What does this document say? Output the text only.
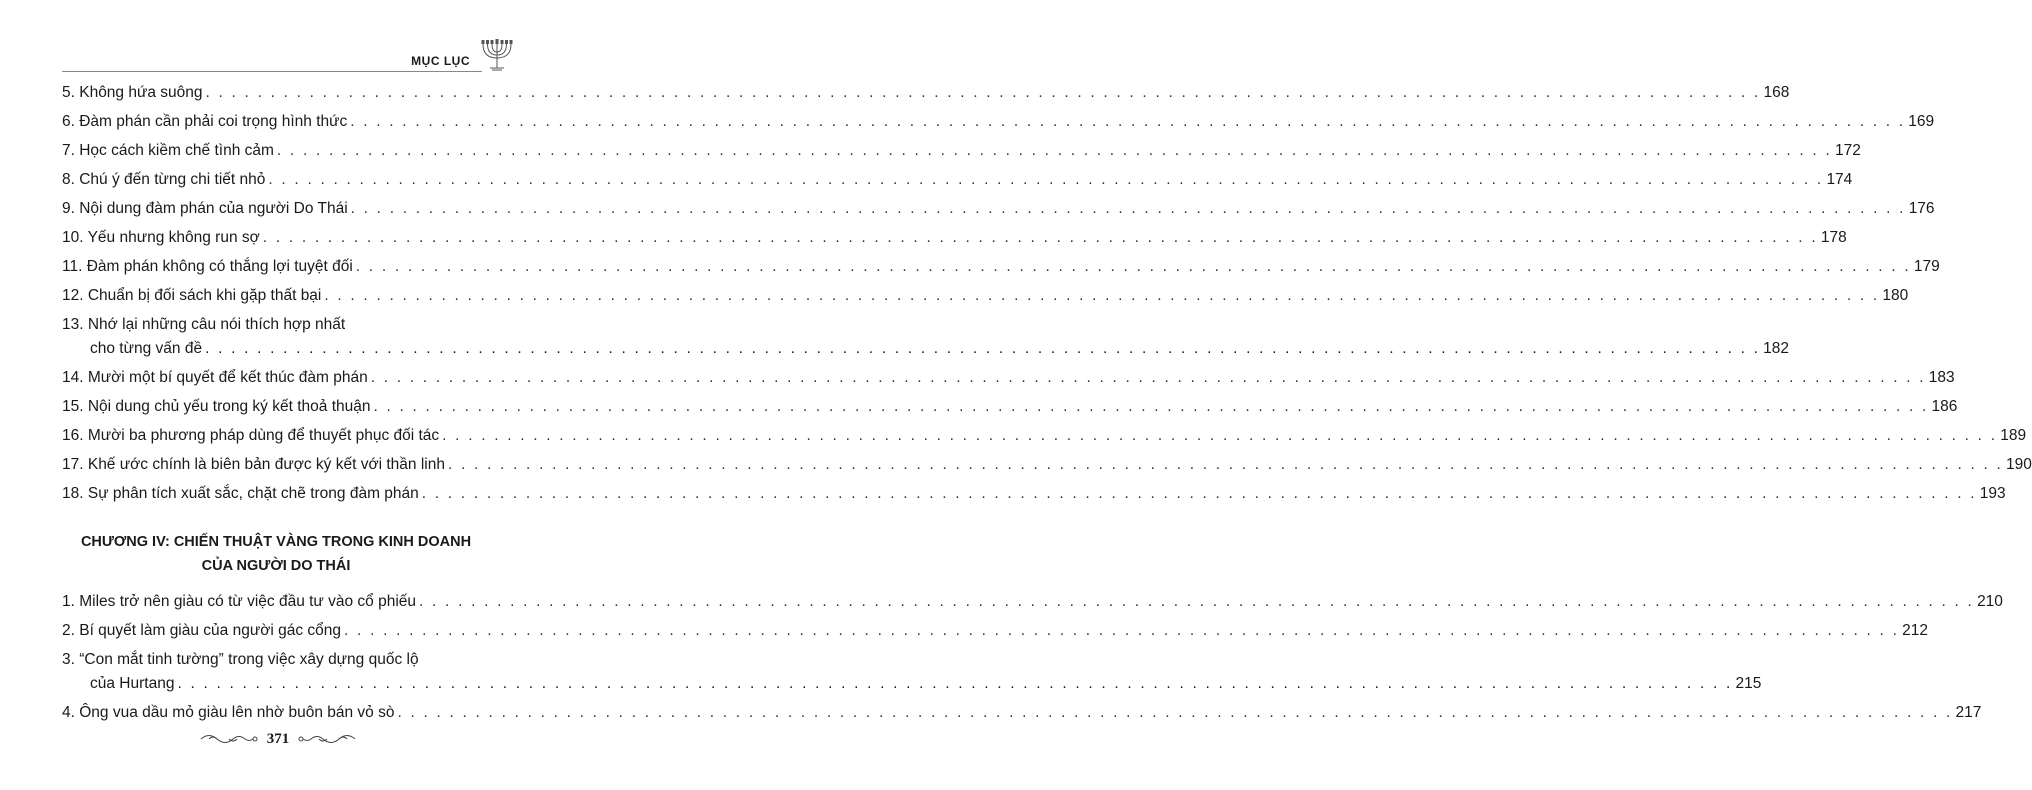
MỤC LỤC
5. Không hứa suông . . . . . . . . . . . . . . . . . . . . . . . . . . . . . . . . . . . . . . . . . . . . . . . . . . . . . . . . . . . . . . . . . . . . . . . . . . . . . . . . . . . . . . . . . . . . . . . . . . . . . . . . . . . . . . . . . . . . . . . . 168
6. Đàm phán cần phải coi trọng hình thức . . . . . . . . . . . . . . . . . . . . . . . . . . . . . . . . . . . . . . . . . . . . . . . . . . . . . . . . . . . . . . . . . . . . . . . . . . . . . . . . . . . . . . . . . . . . . . . . . . . . . . . . . . . . . . . . . . . . . . . . 169
7. Học cách kiềm chế tình cảm . . . . . . . . . . . . . . . . . . . . . . . . . . . . . . . . . . . . . . . . . . . . . . . . . . . . . . . . . . . . . . . . . . . . . . . . . . . . . . . . . . . . . . . . . . . . . . . . . . . . . . . . . . . . . . . . . . . . . . . . 172
8. Chú ý đến từng chi tiết nhỏ . . . . . . . . . . . . . . . . . . . . . . . . . . . . . . . . . . . . . . . . . . . . . . . . . . . . . . . . . . . . . . . . . . . . . . . . . . . . . . . . . . . . . . . . . . . . . . . . . . . . . . . . . . . . . . . . . . . . . . . . 174
9. Nội dung đàm phán của người Do Thái . . . . . . . . . . . . . . . . . . . . . . . . . . . . . . . . . . . . . . . . . . . . . . . . . . . . . . . . . . . . . . . . . . . . . . . . . . . . . . . . . . . . . . . . . . . . . . . . . . . . . . . . . . . . . . . . . . . . . . . . 176
10. Yếu nhưng không run sợ . . . . . . . . . . . . . . . . . . . . . . . . . . . . . . . . . . . . . . . . . . . . . . . . . . . . . . . . . . . . . . . . . . . . . . . . . . . . . . . . . . . . . . . . . . . . . . . . . . . . . . . . . . . . . . . . . . . . . . . . 178
11. Đàm phán không có thắng lợi tuyệt đối . . . . . . . . . . . . . . . . . . . . . . . . . . . . . . . . . . . . . . . . . . . . . . . . . . . . . . . . . . . . . . . . . . . . . . . . . . . . . . . . . . . . . . . . . . . . . . . . . . . . . . . . . . . . . . . . . . . . . . . . 179
12. Chuẩn bị đối sách khi gặp thất bại . . . . . . . . . . . . . . . . . . . . . . . . . . . . . . . . . . . . . . . . . . . . . . . . . . . . . . . . . . . . . . . . . . . . . . . . . . . . . . . . . . . . . . . . . . . . . . . . . . . . . . . . . . . . . . . . . . . . . . . . 180
13. Nhớ lại những câu nói thích hợp nhất
cho từng vấn đề . . . . . . . . . . . . . . . . . . . . . . . . . . . . . . . . . . . . . . . . . . . . . . . . . . . . . . . . . . . . . . . . . . . . . . . . . . . . . . . . . . . . . . . . . . . . . . . . . . . . . . . . . . . . . . . . . . . . . . . . 182
14. Mười một bí quyết để kết thúc đàm phán . . . . . . . . . . . . . . . . . . . . . . . . . . . . . . . . . . . . . . . . . . . . . . . . . . . . . . . . . . . . . . . . . . . . . . . . . . . . . . . . . . . . . . . . . . . . . . . . . . . . . . . . . . . . . . . . . . . . . . . . 183
15. Nội dung chủ yếu trong ký kết thoả thuận . . . . . . . . . . . . . . . . . . . . . . . . . . . . . . . . . . . . . . . . . . . . . . . . . . . . . . . . . . . . . . . . . . . . . . . . . . . . . . . . . . . . . . . . . . . . . . . . . . . . . . . . . . . . . . . . . . . . . . . . 186
16. Mười ba phương pháp dùng để thuyết phục đối tác . . . . . . . . . . . . . . . . . . . . . . . . . . . . . . . . . . . . . . . . . . . . . . . . . . . . . . . . . . . . . . . . . . . . . . . . . . . . . . . . . . . . . . . . . . . . . . . . . . . . . . . . . . . . . . . . . . . . . . . . 189
17. Khế ước chính là biên bản được ký kết với thần linh . . . . . . . . . . . . . . . . . . . . . . . . . . . . . . . . . . . . . . . . . . . . . . . . . . . . . . . . . . . . . . . . . . . . . . . . . . . . . . . . . . . . . . . . . . . . . . . . . . . . . . . . . . . . . . . . . . . . . . . . 190
18. Sự phân tích xuất sắc, chặt chẽ trong đàm phán . . . . . . . . . . . . . . . . . . . . . . . . . . . . . . . . . . . . . . . . . . . . . . . . . . . . . . . . . . . . . . . . . . . . . . . . . . . . . . . . . . . . . . . . . . . . . . . . . . . . . . . . . . . . . . . . . . . . . . . . 193
CHƯƠNG IV: CHIẾN THUẬT VÀNG TRONG KINH DOANH
CỦA NGƯỜI DO THÁI
1. Miles trở nên giàu có từ việc đầu tư vào cổ phiếu . . . . . . . . . . . . . . . . . . . . . . . . . . . . . . . . . . . . . . . . . . . . . . . . . . . . . . . . . . . . . . . . . . . . . . . . . . . . . . . . . . . . . . . . . . . . . . . . . . . . . . . . . . . . . . . . . . . . . . . . 210
2. Bí quyết làm giàu của người gác cổng . . . . . . . . . . . . . . . . . . . . . . . . . . . . . . . . . . . . . . . . . . . . . . . . . . . . . . . . . . . . . . . . . . . . . . . . . . . . . . . . . . . . . . . . . . . . . . . . . . . . . . . . . . . . . . . . . . . . . . . . 212
3. “Con mắt tinh tường” trong việc xây dựng quốc lộ
của Hurtang . . . . . . . . . . . . . . . . . . . . . . . . . . . . . . . . . . . . . . . . . . . . . . . . . . . . . . . . . . . . . . . . . . . . . . . . . . . . . . . . . . . . . . . . . . . . . . . . . . . . . . . . . . . . . . . . . . . . . . . . 215
4. Ông vua dầu mỏ giàu lên nhờ buôn bán vỏ sò . . . . . . . . . . . . . . . . . . . . . . . . . . . . . . . . . . . . . . . . . . . . . . . . . . . . . . . . . . . . . . . . . . . . . . . . . . . . . . . . . . . . . . . . . . . . . . . . . . . . . . . . . . . . . . . . . . . . . . . . 217
371
